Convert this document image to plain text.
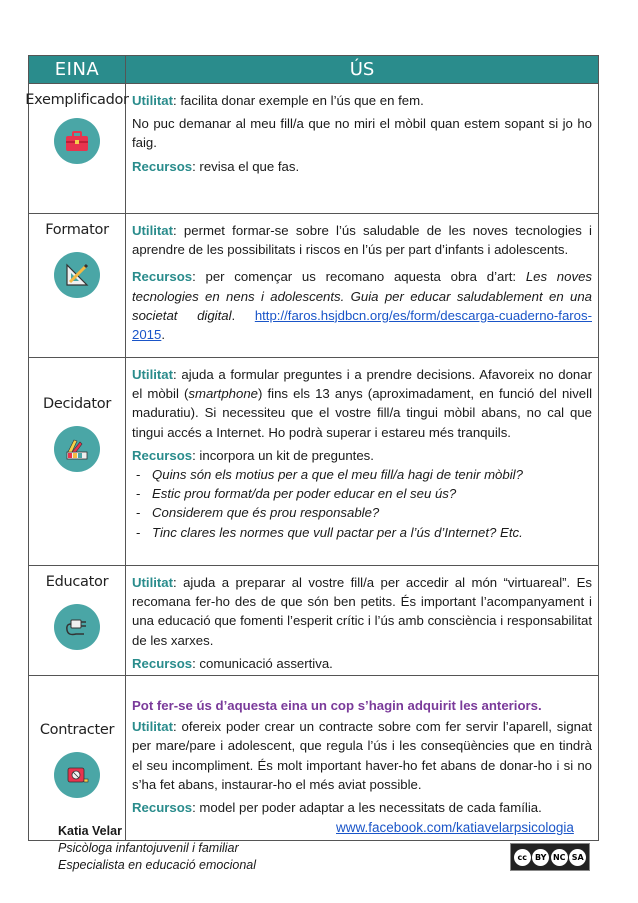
EINA	ÚS
Exemplificador Utilitat: facilita donar exemple en l’ús que en fem.

No puc demanar al meu fill/a que no miri el mòbil quan estem sopant si jo ho faig.

Recursos: revisa el que fas.

Formator Utilitat: permet formar-se sobre l’ús saludable de les noves tecnologies i aprendre de les possibilitats i riscos en l’ús per part d’infants i adolescents.

Recursos: per començar us recomano aquesta obra d’art: Les noves tecnologies en nens i adolescents. Guia per educar saludablement en una societat digital. http://faros.hsjdbcn.org/es/form/descarga-cuaderno-faros-2015.

Decidator

Utilitat: ajuda a formular preguntes i a prendre decisions. Afavoreix no donar el mòbil (smartphone) fins els 13 anys (aproximadament, en funció del nivell maduratiu). Si necessiteu que el vostre fill/a tingui mòbil abans, no cal que tingui accés a Internet. Ho podrà superar i estareu més tranquils.

Recursos: incorpora un kit de preguntes.

- Quins són els motius per a que el meu fill/a hagi de tenir mòbil?
- Estic prou format/da per poder educar en el seu ús?
- Considerem que és prou responsable?
- Tinc clares les normes que vull pactar per a l’ús d’Internet? Etc.
Educator Utilitat: ajuda a preparar al vostre fill/a per accedir al món “virtuareal”. Es recomana fer-ho des de que són ben petits. És important l’acompanyament i una educació que fomenti l’esperit crític i l’ús amb consciència i responsabilitat de les xarxes.

Recursos: comunicació assertiva.

Contracter

Pot fer-se ús d’aquesta eina un cop s’hagin adquirit les anteriors.

Utilitat: ofereix poder crear un contracte sobre com fer servir l’aparell, signat per mare/pare i adolescent, que regula l’ús i les conseqüències que en tindrà el seu incompliment. És molt important haver-ho fet abans de donar-ho i si no s’ha fet abans, instaurar-ho el més aviat possible.

Recursos: model per poder adaptar a les necessitats de cada família.

Katia Velar
Psicòloga infantojuvenil i familiar
Especialista en educació emocional
www.facebook.com/katiavelarpsicologia
cc	BY NC SA
